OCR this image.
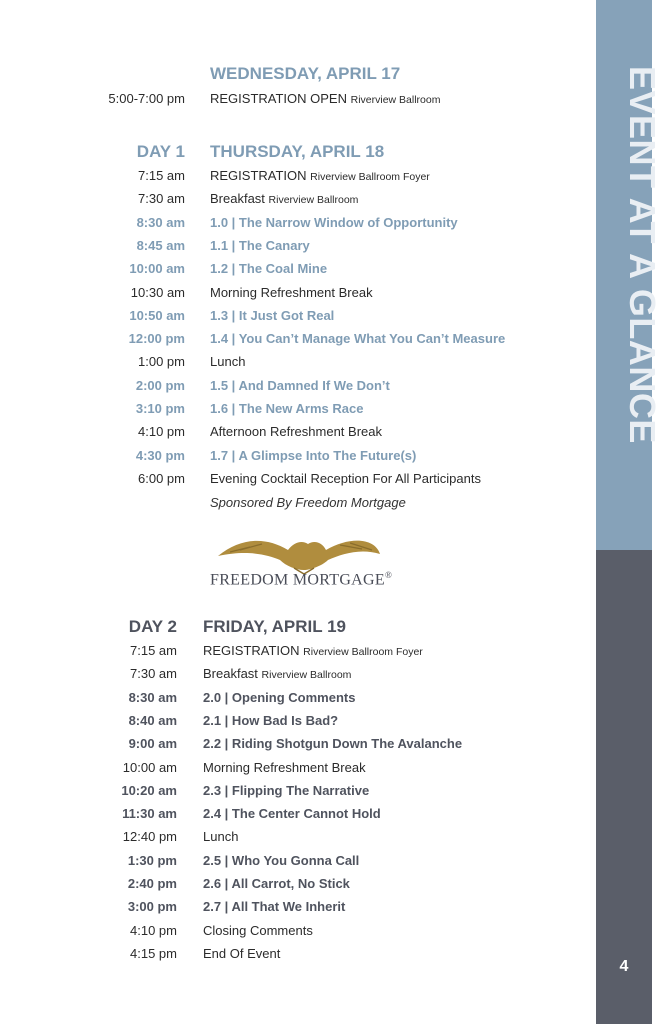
EVENT AT A GLANCE
4
WEDNESDAY, APRIL 17
5:00-7:00 pm REGISTRATION OPEN Riverview Ballroom
DAY 1 THURSDAY, APRIL 18
7:15 am REGISTRATION Riverview Ballroom Foyer
7:30 am Breakfast Riverview Ballroom
8:30 am 1.0 | The Narrow Window of Opportunity
8:45 am 1.1 | The Canary
10:00 am 1.2 | The Coal Mine
10:30 am Morning Refreshment Break
10:50 am 1.3 | It Just Got Real
12:00 pm 1.4 | You Can’t Manage What You Can’t Measure
1:00 pm Lunch
2:00 pm 1.5 | And Damned If We Don’t
3:10 pm 1.6 | The New Arms Race
4:10 pm Afternoon Refreshment Break
4:30 pm 1.7 | A Glimpse Into The Future(s)
6:00 pm Evening Cocktail Reception For All Participants
Sponsored By Freedom Mortgage
FREEDOM MORTGAGE®
DAY 2 FRIDAY, APRIL 19
7:15 am REGISTRATION Riverview Ballroom Foyer
7:30 am Breakfast Riverview Ballroom
8:30 am 2.0 | Opening Comments
8:40 am 2.1 | How Bad Is Bad?
9:00 am 2.2 | Riding Shotgun Down The Avalanche
10:00 am Morning Refreshment Break
10:20 am 2.3 | Flipping The Narrative
11:30 am 2.4 | The Center Cannot Hold
12:40 pm Lunch
1:30 pm 2.5 | Who You Gonna Call
2:40 pm 2.6 | All Carrot, No Stick
3:00 pm 2.7 | All That We Inherit
4:10 pm Closing Comments
4:15 pm End Of Event
